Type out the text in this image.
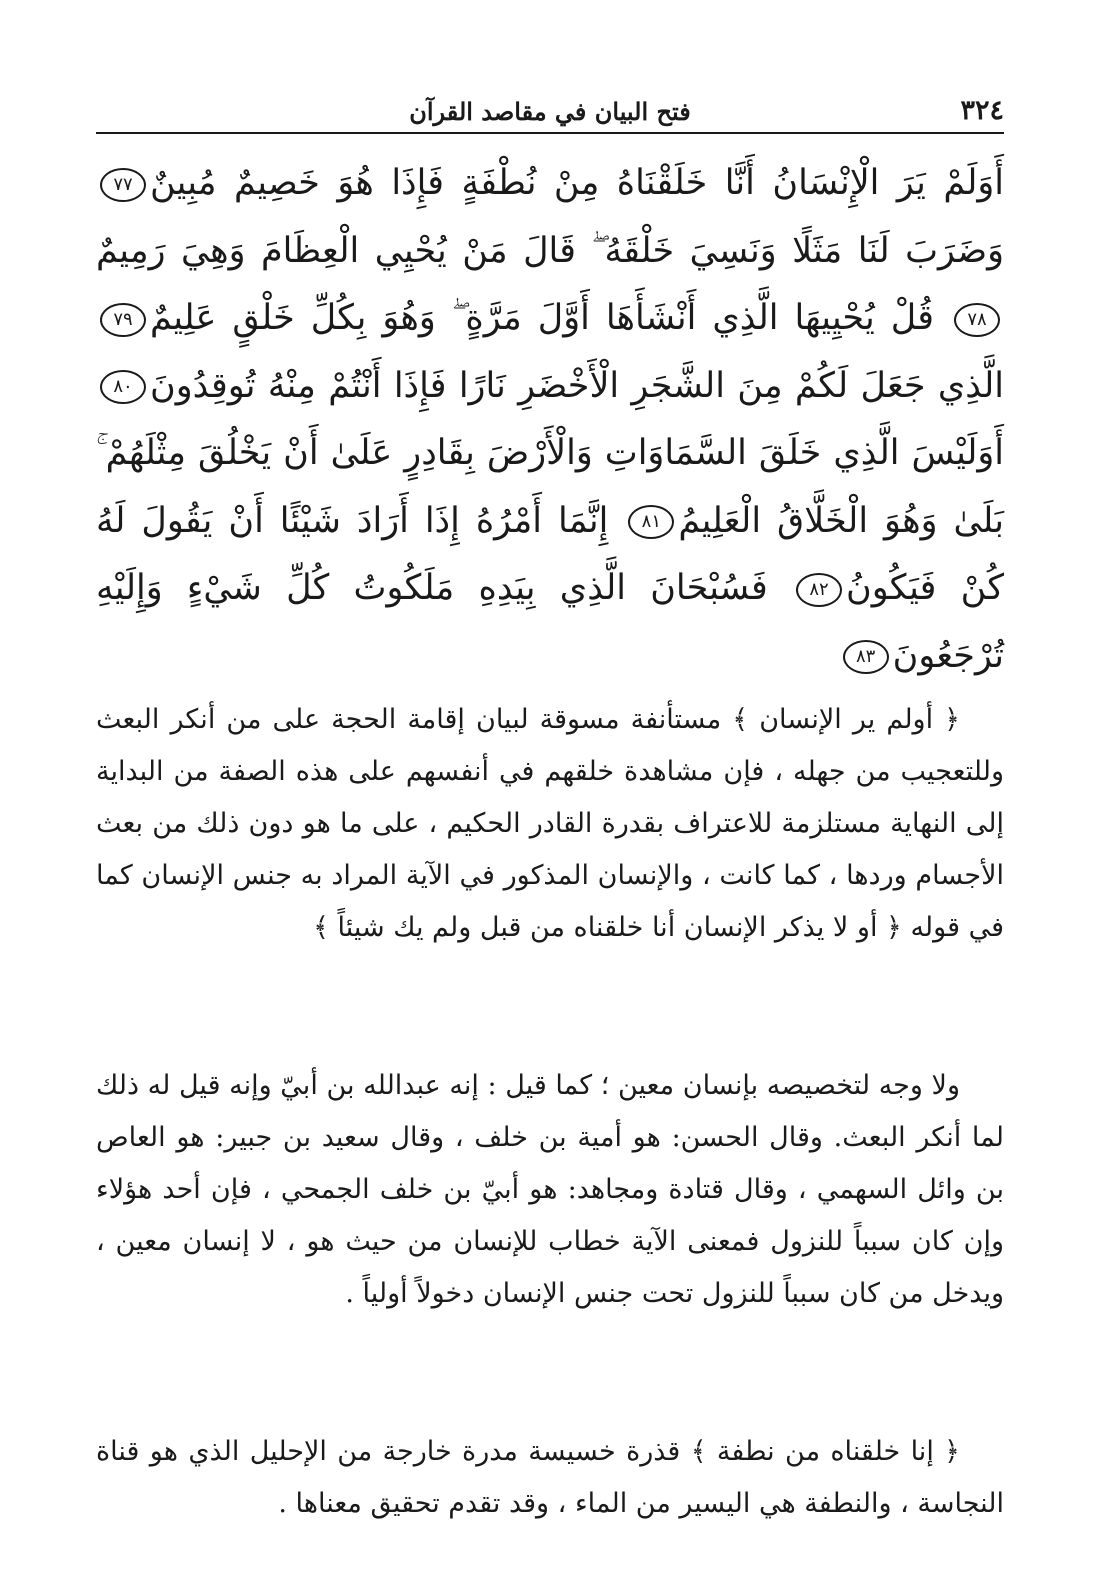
٣٢٤
فتح البيان في مقاصد القرآن
أَوَلَمْ يَرَ الْإِنْسَانُ أَنَّا خَلَقْنَاهُ مِنْ نُطْفَةٍ فَإِذَا هُوَ خَصِيمٌ مُبِينٌ٧٧ وَضَرَبَ لَنَا مَثَلًا وَنَسِيَ خَلْقَهُ ۖ قَالَ مَنْ يُحْيِي الْعِظَامَ وَهِيَ رَمِيمٌ٧٨ قُلْ يُحْيِيهَا الَّذِي أَنْشَأَهَا أَوَّلَ مَرَّةٍ ۖ وَهُوَ بِكُلِّ خَلْقٍ عَلِيمٌ٧٩ الَّذِي جَعَلَ لَكُمْ مِنَ الشَّجَرِ الْأَخْضَرِ نَارًا فَإِذَا أَنْتُمْ مِنْهُ تُوقِدُونَ٨٠ أَوَلَيْسَ الَّذِي خَلَقَ السَّمَاوَاتِ وَالْأَرْضَ بِقَادِرٍ عَلَىٰ أَنْ يَخْلُقَ مِثْلَهُمْ ۚ بَلَىٰ وَهُوَ الْخَلَّاقُ الْعَلِيمُ٨١ إِنَّمَا أَمْرُهُ إِذَا أَرَادَ شَيْئًا أَنْ يَقُولَ لَهُ كُنْ فَيَكُونُ٨٢ فَسُبْحَانَ الَّذِي بِيَدِهِ مَلَكُوتُ كُلِّ شَيْءٍ وَإِلَيْهِ تُرْجَعُونَ٨٣
﴿ أولم ير الإنسان ﴾ مستأنفة مسوقة لبيان إقامة الحجة على من أنكر البعث وللتعجيب من جهله ، فإن مشاهدة خلقهم في أنفسهم على هذه الصفة من البداية إلى النهاية مستلزمة للاعتراف بقدرة القادر الحكيم ، على ما هو دون ذلك من بعث الأجسام وردها ، كما كانت ، والإنسان المذكور في الآية المراد به جنس الإنسان كما في قوله ﴿ أو لا يذكر الإنسان أنا خلقناه من قبل ولم يك شيئاً ﴾
ولا وجه لتخصيصه بإنسان معين ؛ كما قيل : إنه عبدالله بن أبيّ وإنه قيل له ذلك لما أنكر البعث. وقال الحسن: هو أمية بن خلف ، وقال سعيد بن جبير: هو العاص بن وائل السهمي ، وقال قتادة ومجاهد: هو أبيّ بن خلف الجمحي ، فإن أحد هؤلاء وإن كان سبباً للنزول فمعنى الآية خطاب للإنسان من حيث هو ، لا إنسان معين ، ويدخل من كان سبباً للنزول تحت جنس الإنسان دخولاً أولياً .
﴿ إنا خلقناه من نطفة ﴾ قذرة خسيسة مدرة خارجة من الإحليل الذي هو قناة النجاسة ، والنطفة هي اليسير من الماء ، وقد تقدم تحقيق معناها .
